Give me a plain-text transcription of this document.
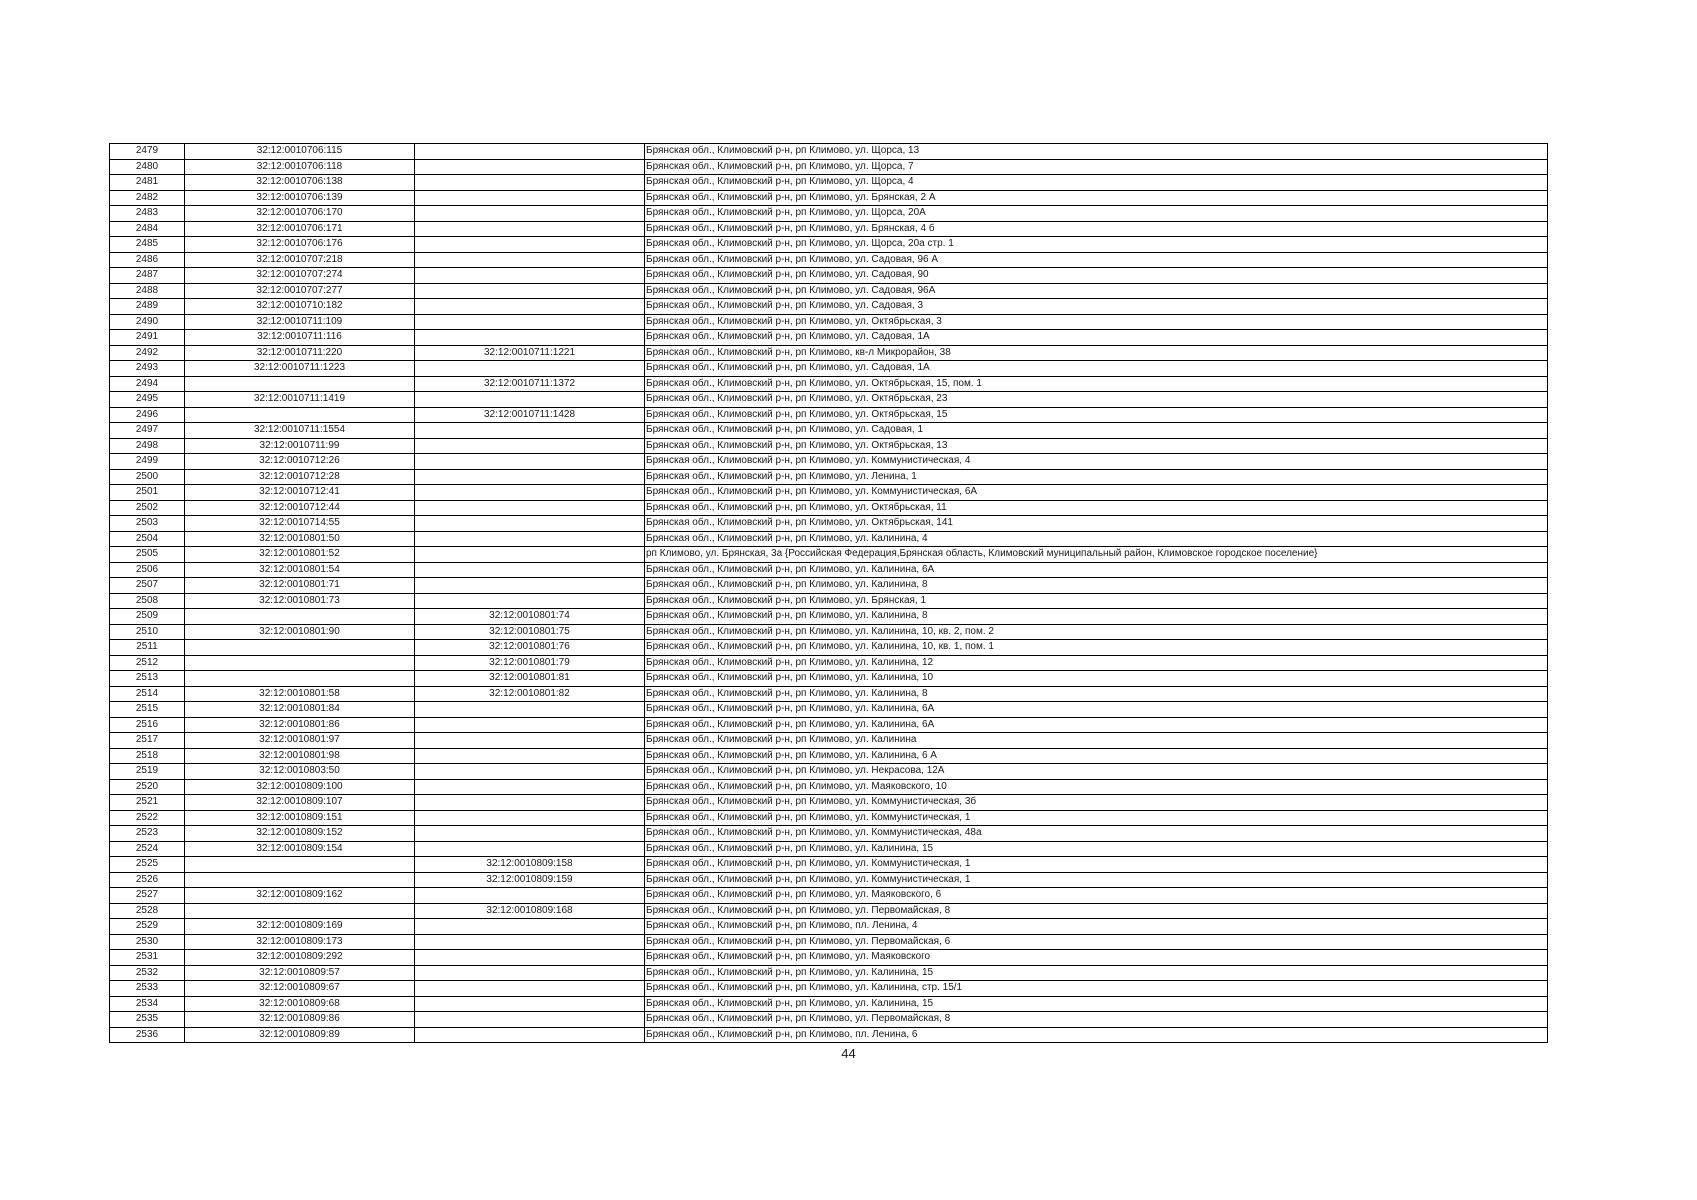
2479	32:12:0010706:115		Брянская обл., Климовский р-н, рп Климово, ул. Щорса, 13
2480	32:12:0010706:118		Брянская обл., Климовский р-н, рп Климово, ул. Щорса, 7
2481	32:12:0010706:138		Брянская обл., Климовский р-н, рп Климово, ул. Щорса, 4
2482	32:12:0010706:139		Брянская обл., Климовский р-н, рп Климово, ул. Брянская, 2 А
2483	32:12:0010706:170		Брянская обл., Климовский р-н, рп Климово, ул. Щорса, 20А
2484	32:12:0010706:171		Брянская обл., Климовский р-н, рп Климово, ул. Брянская, 4 б
2485	32:12:0010706:176		Брянская обл., Климовский р-н, рп Климово, ул. Щорса, 20а стр. 1
2486	32:12:0010707:218		Брянская обл., Климовский р-н, рп Климово, ул. Садовая, 96 А
2487	32:12:0010707:274		Брянская обл., Климовский р-н, рп Климово, ул. Садовая, 90
2488	32:12:0010707:277		Брянская обл., Климовский р-н, рп Климово, ул. Садовая, 96А
2489	32:12:0010710:182		Брянская обл., Климовский р-н, рп Климово, ул. Садовая, 3
2490	32:12:0010711:109		Брянская обл., Климовский р-н, рп Климово, ул. Октябрьская, 3
2491	32:12:0010711:116		Брянская обл., Климовский р-н, рп Климово, ул. Садовая, 1А
2492	32:12:0010711:220	32:12:0010711:1221	Брянская обл., Климовский р-н, рп Климово, кв-л Микрорайон, 38
2493	32:12:0010711:1223		Брянская обл., Климовский р-н, рп Климово, ул. Садовая, 1А
2494		32:12:0010711:1372	Брянская обл., Климовский р-н, рп Климово, ул. Октябрьская, 15, пом. 1
2495	32:12:0010711:1419		Брянская обл., Климовский р-н, рп Климово, ул. Октябрьская, 23
2496		32:12:0010711:1428	Брянская обл., Климовский р-н, рп Климово, ул. Октябрьская, 15
2497	32:12:0010711:1554		Брянская обл., Климовский р-н, рп Климово, ул. Садовая, 1
2498	32:12:0010711:99		Брянская обл., Климовский р-н, рп Климово, ул. Октябрьская, 13
2499	32:12:0010712:26		Брянская обл., Климовский р-н, рп Климово, ул. Коммунистическая, 4
2500	32:12:0010712:28		Брянская обл., Климовский р-н, рп Климово, ул. Ленина, 1
2501	32:12:0010712:41		Брянская обл., Климовский р-н, рп Климово, ул. Коммунистическая, 6А
2502	32:12:0010712:44		Брянская обл., Климовский р-н, рп Климово, ул. Октябрьская, 11
2503	32:12:0010714:55		Брянская обл., Климовский р-н, рп Климово, ул. Октябрьская, 141
2504	32:12:0010801:50		Брянская обл., Климовский р-н, рп Климово, ул. Калинина, 4
2505	32:12:0010801:52		рп Климово, ул. Брянская, 3а {Российская Федерация,Брянская область, Климовский муниципальный район, Климовское городское поселение}
2506	32:12:0010801:54		Брянская обл., Климовский р-н, рп Климово, ул. Калинина, 6А
2507	32:12:0010801:71		Брянская обл., Климовский р-н, рп Климово, ул. Калинина, 8
2508	32:12:0010801:73		Брянская обл., Климовский р-н, рп Климово, ул. Брянская, 1
2509		32:12:0010801:74	Брянская обл., Климовский р-н, рп Климово, ул. Калинина, 8
2510	32:12:0010801:90	32:12:0010801:75	Брянская обл., Климовский р-н, рп Климово, ул. Калинина, 10, кв. 2, пом. 2
2511		32:12:0010801:76	Брянская обл., Климовский р-н, рп Климово, ул. Калинина, 10, кв. 1, пом. 1
2512		32:12:0010801:79	Брянская обл., Климовский р-н, рп Климово, ул. Калинина, 12
2513		32:12:0010801:81	Брянская обл., Климовский р-н, рп Климово, ул. Калинина, 10
2514	32:12:0010801:58	32:12:0010801:82	Брянская обл., Климовский р-н, рп Климово, ул. Калинина, 8
2515	32:12:0010801:84		Брянская обл., Климовский р-н, рп Климово, ул. Калинина, 6А
2516	32:12:0010801:86		Брянская обл., Климовский р-н, рп Климово, ул. Калинина, 6А
2517	32:12:0010801:97		Брянская обл., Климовский р-н, рп Климово, ул. Калинина
2518	32:12:0010801:98		Брянская обл., Климовский р-н, рп Климово, ул. Калинина, 6 А
2519	32:12:0010803:50		Брянская обл., Климовский р-н, рп Климово, ул. Некрасова, 12А
2520	32:12:0010809:100		Брянская обл., Климовский р-н, рп Климово, ул. Маяковского, 10
2521	32:12:0010809:107		Брянская обл., Климовский р-н, рп Климово, ул. Коммунистическая, 3б
2522	32:12:0010809:151		Брянская обл., Климовский р-н, рп Климово, ул. Коммунистическая, 1
2523	32:12:0010809:152		Брянская обл., Климовский р-н, рп Климово, ул. Коммунистическая, 48а
2524	32:12:0010809:154		Брянская обл., Климовский р-н, рп Климово, ул. Калинина, 15
2525		32:12:0010809:158	Брянская обл., Климовский р-н, рп Климово, ул. Коммунистическая, 1
2526		32:12:0010809:159	Брянская обл., Климовский р-н, рп Климово, ул. Коммунистическая, 1
2527	32:12:0010809:162		Брянская обл., Климовский р-н, рп Климово, ул. Маяковского, 6
2528		32:12:0010809:168	Брянская обл., Климовский р-н, рп Климово, ул. Первомайская, 8
2529	32:12:0010809:169		Брянская обл., Климовский р-н, рп Климово, пл. Ленина, 4
2530	32:12:0010809:173		Брянская обл., Климовский р-н, рп Климово, ул. Первомайская, 6
2531	32:12:0010809:292		Брянская обл., Климовский р-н, рп Климово, ул. Маяковского
2532	32:12:0010809:57		Брянская обл., Климовский р-н, рп Климово, ул. Калинина, 15
2533	32:12:0010809:67		Брянская обл., Климовский р-н, рп Климово, ул. Калинина, стр. 15/1
2534	32:12:0010809:68		Брянская обл., Климовский р-н, рп Климово, ул. Калинина, 15
2535	32:12:0010809:86		Брянская обл., Климовский р-н, рп Климово, ул. Первомайская, 8
2536	32:12:0010809:89		Брянская обл., Климовский р-н, рп Климово, пл. Ленина, 6
44
